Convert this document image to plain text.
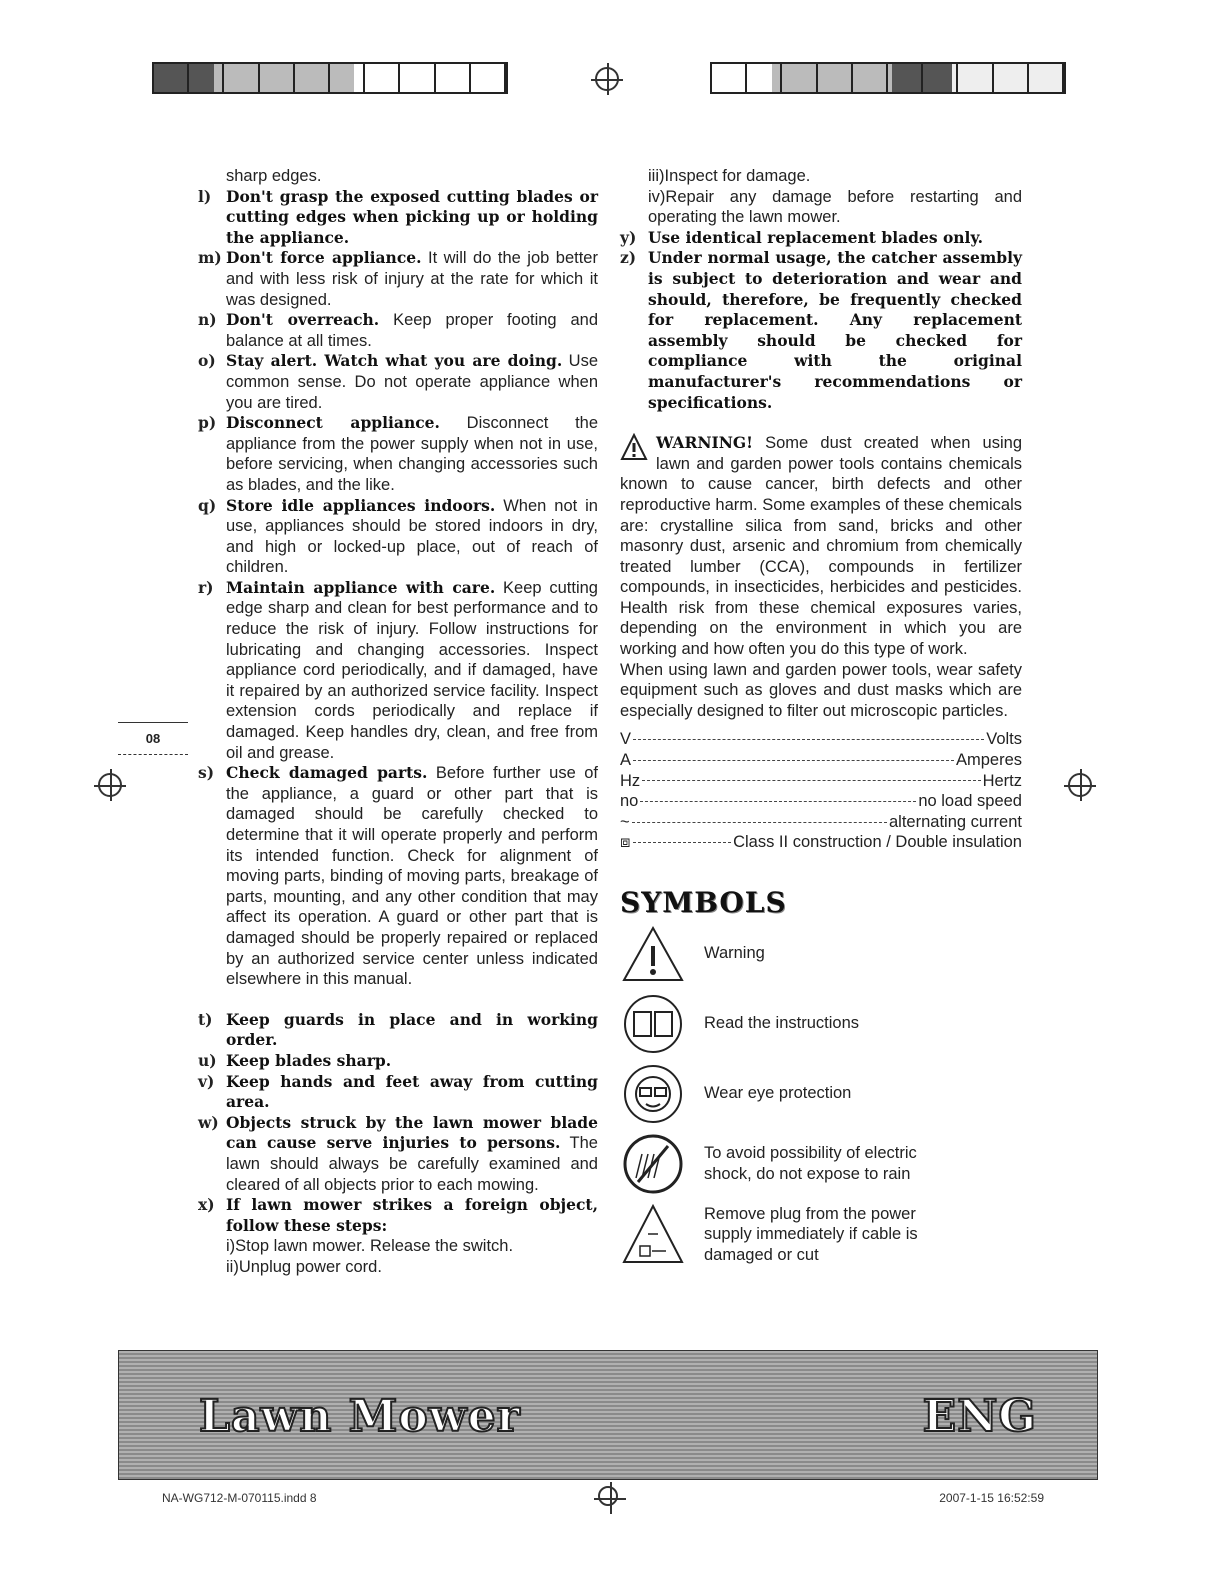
08
sharp edges.
l) Don't grasp the exposed cutting blades or cutting edges when picking up or holding the appliance.
m) Don't force appliance. It will do the job better and with less risk of injury at the rate for which it was designed.
n) Don't overreach. Keep proper footing and balance at all times.
o) Stay alert. Watch what you are doing. Use common sense. Do not operate appliance when you are tired.
p) Disconnect appliance. Disconnect the appliance from the power supply when not in use, before servicing, when changing accessories such as blades, and the like.
q) Store idle appliances indoors. When not in use, appliances should be stored indoors in dry, and high or locked-up place, out of reach of children.
r) Maintain appliance with care. Keep cutting edge sharp and clean for best performance and to reduce the risk of injury. Follow instructions for lubricating and changing accessories. Inspect appliance cord periodically, and if damaged, have it repaired by an authorized service facility. Inspect extension cords periodically and replace if damaged. Keep handles dry, clean, and free from oil and grease.
s) Check damaged parts. Before further use of the appliance, a guard or other part that is damaged should be carefully checked to determine that it will operate properly and perform its intended function. Check for alignment of moving parts, binding of moving parts, breakage of parts, mounting, and any other condition that may affect its operation. A guard or other part that is damaged should be properly repaired or replaced by an authorized service center unless indicated elsewhere in this manual.
t) Keep guards in place and in working order.
u) Keep blades sharp.
v) Keep hands and feet away from cutting area.
w) Objects struck by the lawn mower blade can cause serve injuries to persons. The lawn should always be carefully examined and cleared of all objects prior to each mowing.
x) If lawn mower strikes a foreign object, follow these steps:
i)Stop lawn mower. Release the switch.
ii)Unplug power cord.
iii)Inspect for damage.
iv)Repair any damage before restarting and operating the lawn mower.
y) Use identical replacement blades only.
z) Under normal usage, the catcher assembly is subject to deterioration and wear and should, therefore, be frequently checked for replacement. Any replacement assembly should be checked for compliance with the original manufacturer's recommendations or specifications.
WARNING! Some dust created when using lawn and garden power tools contains chemicals known to cause cancer, birth defects and other reproductive harm. Some examples of these chemicals are: crystalline silica from sand, bricks and other masonry dust, arsenic and chromium from chemically treated lumber (CCA), compounds in fertilizer compounds, in insecticides, herbicides and pesticides. Health risk from these chemical exposures varies, depending on the environment in which you are working and how often you do this type of work.
When using lawn and garden power tools, wear safety equipment such as gloves and dust masks which are especially designed to filter out microscopic particles.
V	Volts
A	Amperes
Hz	Hertz
no	no load speed
~	alternating current
⧈	Class II construction / Double insulation
SYMBOLS
Warning
Read the instructions
Wear eye protection
To avoid possibility of electric shock, do not expose to rain
Remove plug from the power supply immediately if cable is damaged or cut
Lawn Mower	ENG
NA-WG712-M-070115.indd 8	2007-1-15 16:52:59
